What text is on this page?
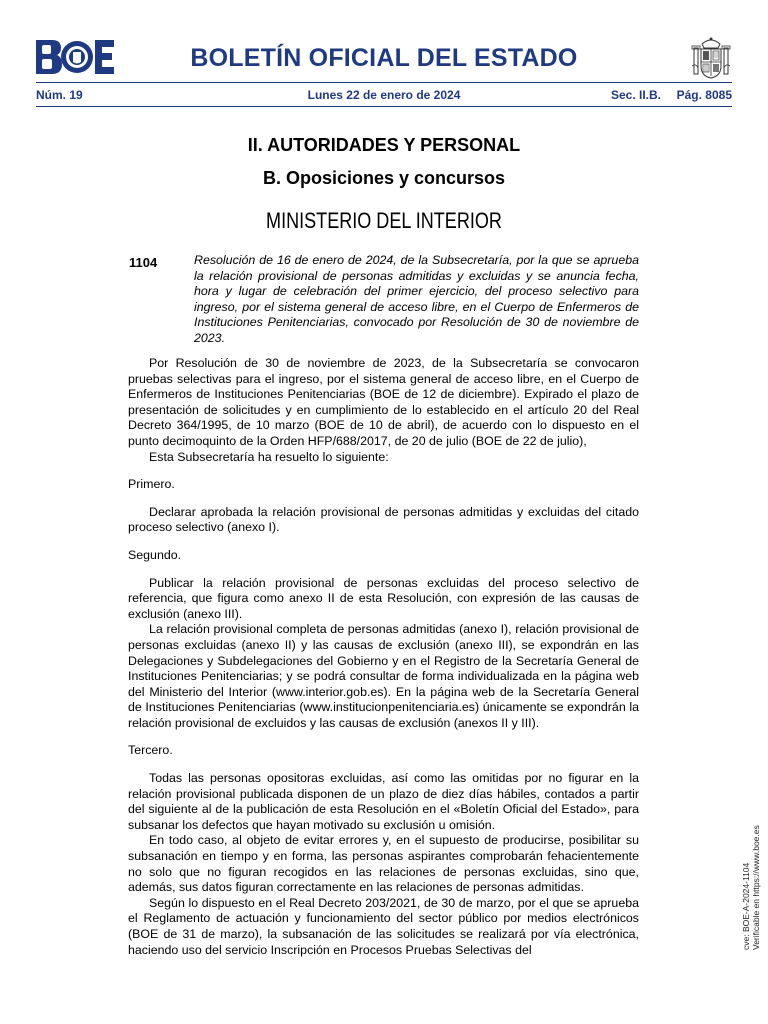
BOLETÍN OFICIAL DEL ESTADO
Núm. 19	Lunes 22 de enero de 2024	Sec. II.B. Pág. 8085
II. AUTORIDADES Y PERSONAL
B. Oposiciones y concursos
MINISTERIO DEL INTERIOR
1104	Resolución de 16 de enero de 2024, de la Subsecretaría, por la que se aprueba la relación provisional de personas admitidas y excluidas y se anuncia fecha, hora y lugar de celebración del primer ejercicio, del proceso selectivo para ingreso, por el sistema general de acceso libre, en el Cuerpo de Enfermeros de Instituciones Penitenciarias, convocado por Resolución de 30 de noviembre de 2023.

Por Resolución de 30 de noviembre de 2023, de la Subsecretaría se convocaron pruebas selectivas para el ingreso, por el sistema general de acceso libre, en el Cuerpo de Enfermeros de Instituciones Penitenciarias (BOE de 12 de diciembre). Expirado el plazo de presentación de solicitudes y en cumplimiento de lo establecido en el artículo 20 del Real Decreto 364/1995, de 10 marzo (BOE de 10 de abril), de acuerdo con lo dispuesto en el punto decimoquinto de la Orden HFP/688/2017, de 20 de julio (BOE de 22 de julio),

Esta Subsecretaría ha resuelto lo siguiente:

Primero.

Declarar aprobada la relación provisional de personas admitidas y excluidas del citado proceso selectivo (anexo I).

Segundo.

Publicar la relación provisional de personas excluidas del proceso selectivo de referencia, que figura como anexo II de esta Resolución, con expresión de las causas de exclusión (anexo III).

La relación provisional completa de personas admitidas (anexo I), relación provisional de personas excluidas (anexo II) y las causas de exclusión (anexo III), se expondrán en las Delegaciones y Subdelegaciones del Gobierno y en el Registro de la Secretaría General de Instituciones Penitenciarias; y se podrá consultar de forma individualizada en la página web del Ministerio del Interior (www.interior.gob.es). En la página web de la Secretaría General de Instituciones Penitenciarias (www.institucionpenitenciaria.es) únicamente se expondrán la relación provisional de excluidos y las causas de exclusión (anexos II y III).

Tercero.

Todas las personas opositoras excluidas, así como las omitidas por no figurar en la relación provisional publicada disponen de un plazo de diez días hábiles, contados a partir del siguiente al de la publicación de esta Resolución en el «Boletín Oficial del Estado», para subsanar los defectos que hayan motivado su exclusión u omisión.

En todo caso, al objeto de evitar errores y, en el supuesto de producirse, posibilitar su subsanación en tiempo y en forma, las personas aspirantes comprobarán fehacientemente no solo que no figuran recogidos en las relaciones de personas excluidas, sino que, además, sus datos figuran correctamente en las relaciones de personas admitidas.

Según lo dispuesto en el Real Decreto 203/2021, de 30 de marzo, por el que se aprueba el Reglamento de actuación y funcionamiento del sector público por medios electrónicos (BOE de 31 de marzo), la subsanación de las solicitudes se realizará por vía electrónica, haciendo uso del servicio Inscripción en Procesos Pruebas Selectivas del	cve: BOE-A-2024-1104 Verificable en https://www.boe.es
